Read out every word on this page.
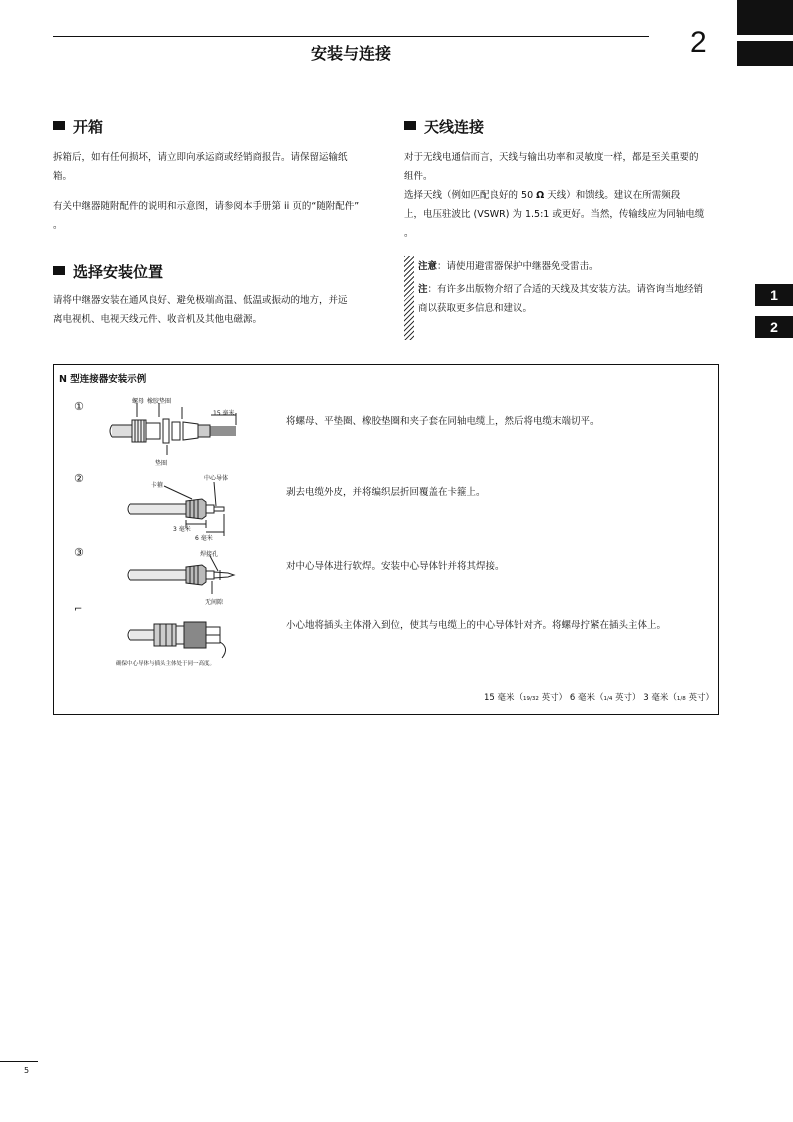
安装与连接	2
1
2
开箱
拆箱后，如有任何损坏，请立即向承运商或经销商报告。请保留运输纸
箱。
有关中继器随附配件的说明和示意图，请参阅本手册第 ii 页的“随附配件”
。
选择安装位置
请将中继器安装在通风良好、避免极端高温、低温或振动的地方，并远
离电视机、电视天线元件、收音机及其他电磁源。
天线连接
对于无线电通信而言，天线与输出功率和灵敏度一样，都是至关重要的
组件。
选择天线（例如匹配良好的 50 Ω 天线）和馈线。建议在所需频段
上，电压驻波比 (VSWR) 为 1.5:1 或更好。当然，传输线应为同轴电缆
。
注意：请使用避雷器保护中继器免受雷击。
注：有许多出版物介绍了合适的天线及其安装方法。请咨询当地经销
商以获取更多信息和建议。
N 型连接器安装示例
①	螺母 橡胶垫圈
15 毫米
垫圈
将螺母、平垫圈、橡胶垫圈和夹子套在同轴电缆上，然后将电缆末端切平。
②
卡箍
中心导体
3 毫米
6 毫米
剥去电缆外皮，并将编织层折回覆盖在卡箍上。
③	焊接孔
无间隙
对中心导体进行软焊。安装中心导体针并将其焊接。
⌐
确保中心导体与插头主体处于同一高度。
小心地将插头主体滑入到位，使其与电缆上的中心导体针对齐。将螺母拧紧在插头主体上。
15 毫米（19/32 英寸） 6 毫米（1/4 英寸） 3 毫米（1/8 英寸）
5
